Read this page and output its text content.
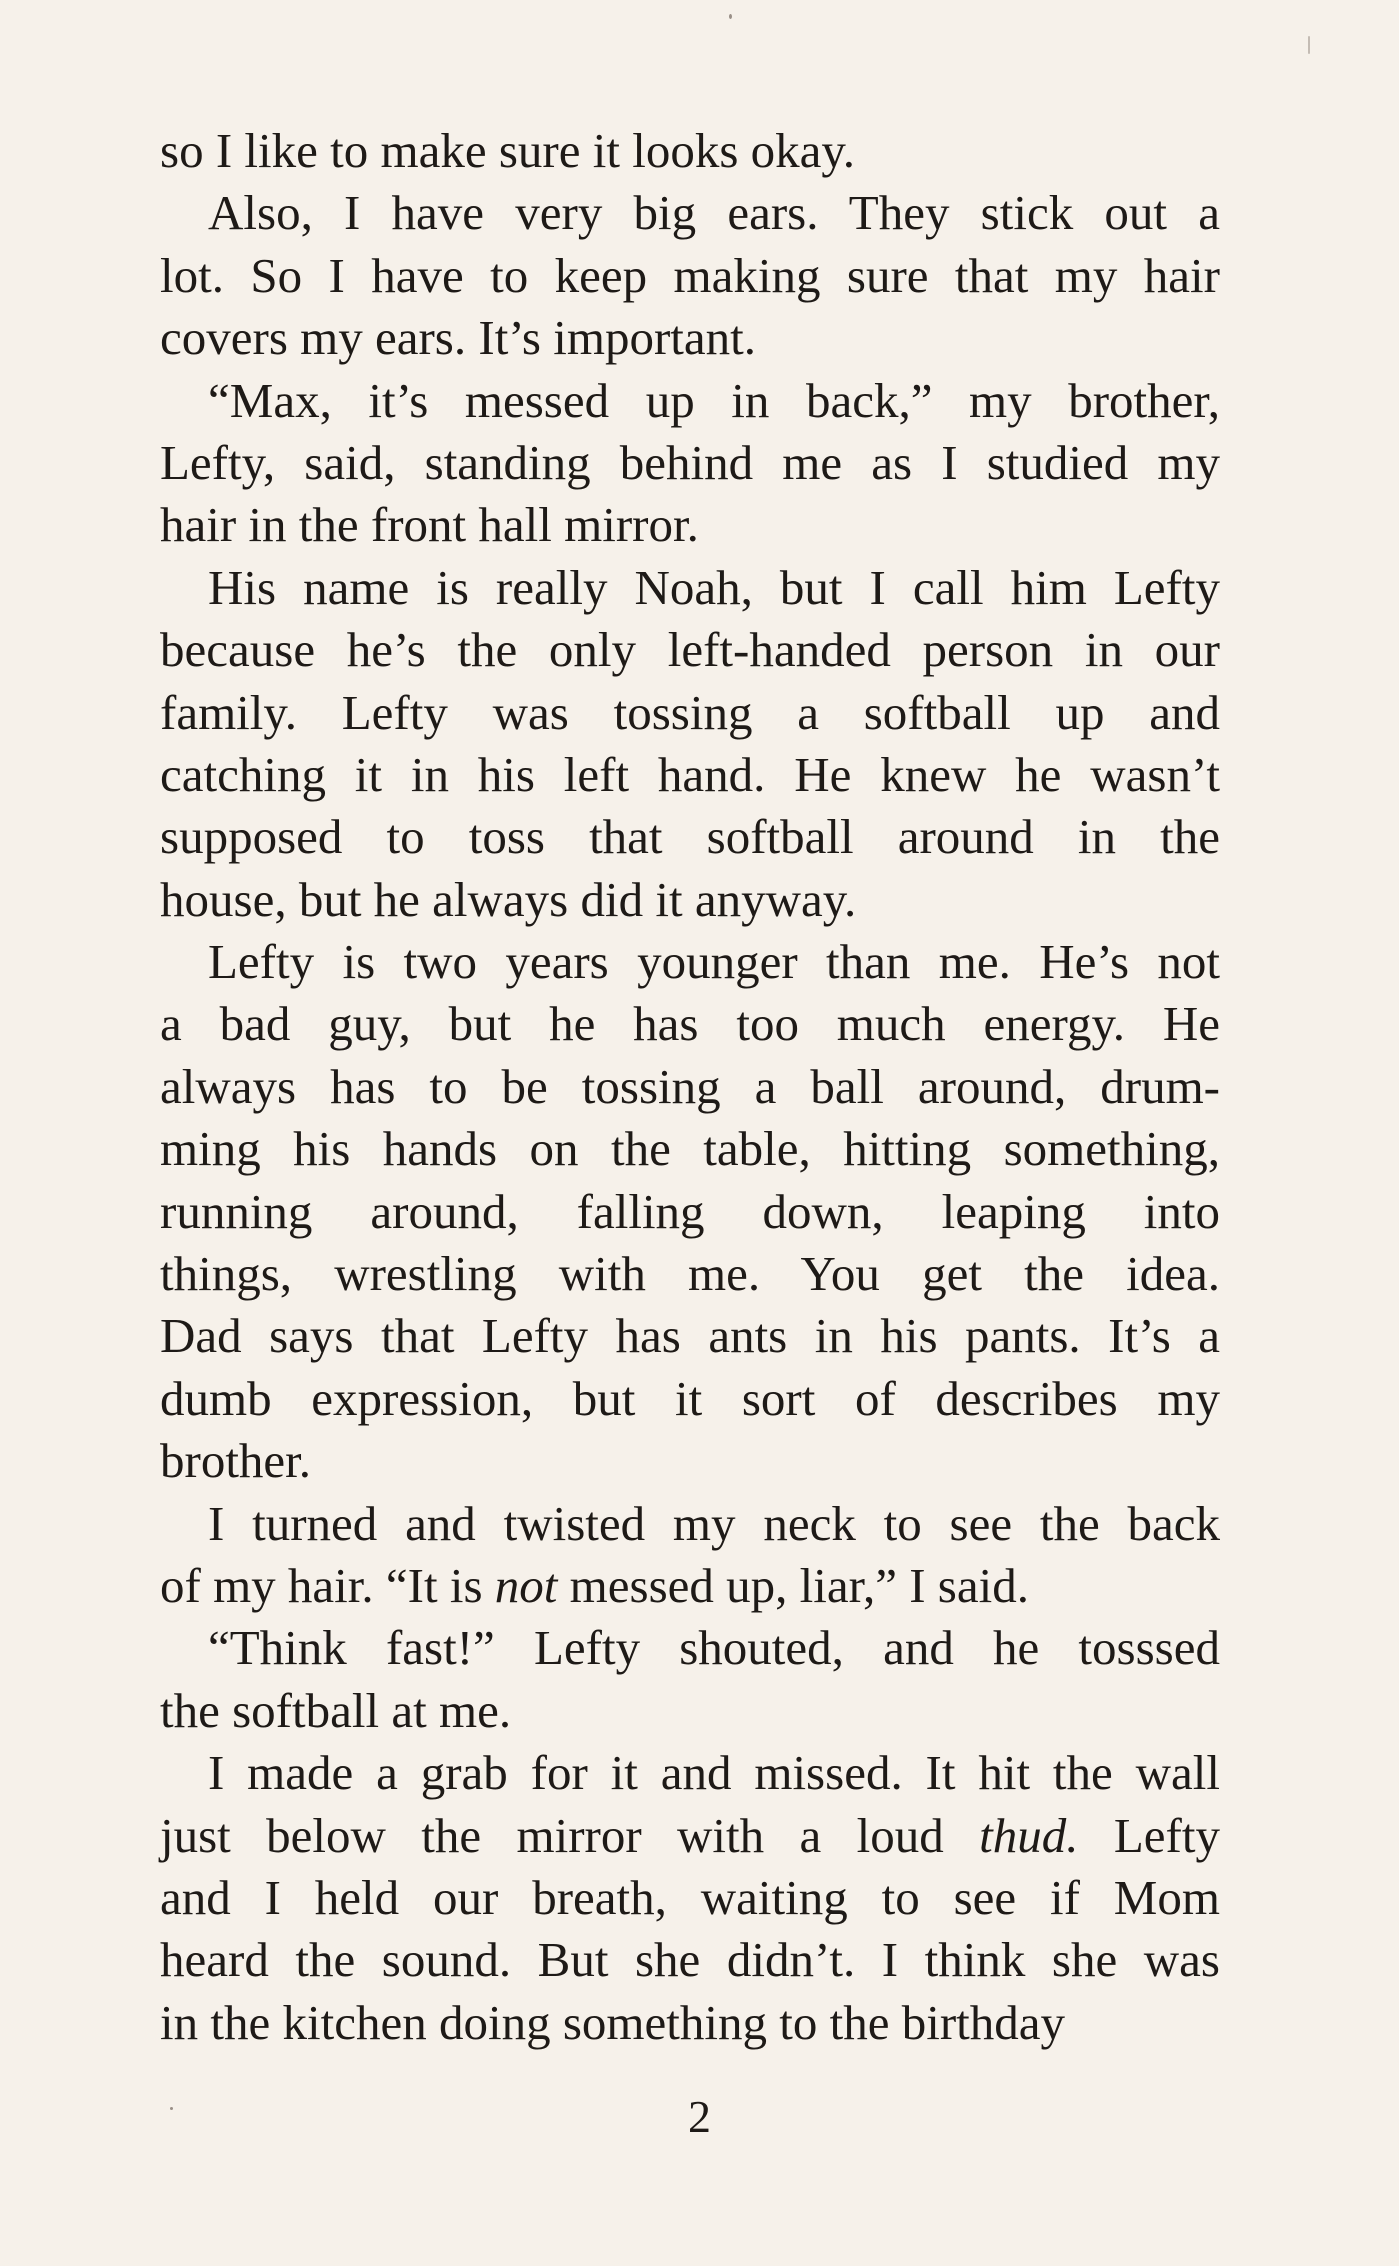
so I like to make sure it looks okay.
Also, I have very big ears. They stick out a
lot. So I have to keep making sure that my hair
covers my ears. It’s important.
“Max, it’s messed up in back,” my brother,
Lefty, said, standing behind me as I studied my
hair in the front hall mirror.
His name is really Noah, but I call him Lefty
because he’s the only left-handed person in our
family. Lefty was tossing a softball up and
catching it in his left hand. He knew he wasn’t
supposed to toss that softball around in the
house, but he always did it anyway.
Lefty is two years younger than me. He’s not
a bad guy, but he has too much energy. He
always has to be tossing a ball around, drum-
ming his hands on the table, hitting something,
running around, falling down, leaping into
things, wrestling with me. You get the idea.
Dad says that Lefty has ants in his pants. It’s a
dumb expression, but it sort of describes my
brother.
I turned and twisted my neck to see the back
of my hair. “It is not messed up, liar,” I said.
“Think fast!” Lefty shouted, and he tosssed
the softball at me.
I made a grab for it and missed. It hit the wall
just below the mirror with a loud thud. Lefty
and I held our breath, waiting to see if Mom
heard the sound. But she didn’t. I think she was
in the kitchen doing something to the birthday
2
